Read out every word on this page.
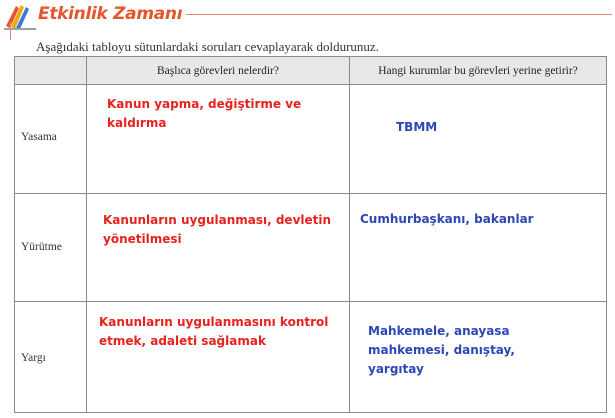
Etkinlik Zamanı
Aşağıdaki tabloyu sütunlardaki soruları cevaplayarak doldurunuz.
	Başlıca görevleri nelerdir?	Hangi kurumlar bu görevleri yerine getirir?

Yasama	Kanun yapma, değiştirme ve kaldırma	TBMM

Yürütme	Kanunların uygulanması, devletin yönetilmesi	Cumhurbaşkanı, bakanlar

Yargı	Kanunların uygulanmasını kontrol etmek, adaleti sağlamak	Mahkemele, anayasa mahkemesi, danıştay, yargıtay
